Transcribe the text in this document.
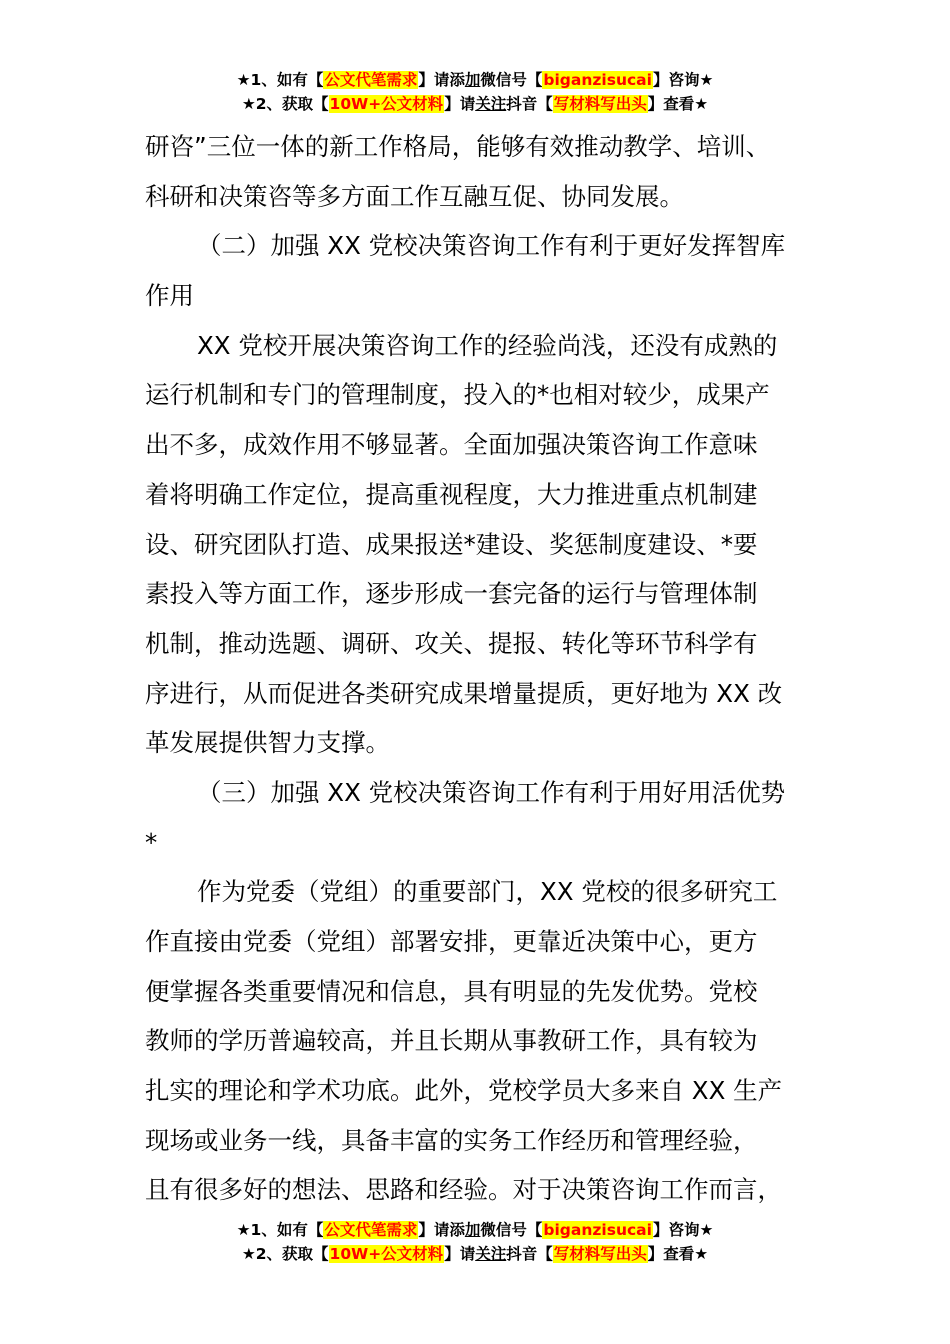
★1、如有【公文代笔需求】请添加微信号【biganzisucai】咨询★
★2、获取【10W+公文材料】请关注抖音【写材料写出头】查看★
研咨”三位一体的新工作格局，能够有效推动教学、培训、
科研和决策咨等多方面工作互融互促、协同发展。
（二）加强 XX 党校决策咨询工作有利于更好发挥智库
作用
XX 党校开展决策咨询工作的经验尚浅，还没有成熟的
运行机制和专门的管理制度，投入的*也相对较少，成果产
出不多，成效作用不够显著。全面加强决策咨询工作意味
着将明确工作定位，提高重视程度，大力推进重点机制建
设、研究团队打造、成果报送*建设、奖惩制度建设、*要
素投入等方面工作，逐步形成一套完备的运行与管理体制
机制，推动选题、调研、攻关、提报、转化等环节科学有
序进行，从而促进各类研究成果增量提质，更好地为 XX 改
革发展提供智力支撑。
（三）加强 XX 党校决策咨询工作有利于用好用活优势
*
作为党委（党组）的重要部门，XX 党校的很多研究工
作直接由党委（党组）部署安排，更靠近决策中心，更方
便掌握各类重要情况和信息，具有明显的先发优势。党校
教师的学历普遍较高，并且长期从事教研工作，具有较为
扎实的理论和学术功底。此外，党校学员大多来自 XX 生产
现场或业务一线，具备丰富的实务工作经历和管理经验，
且有很多好的想法、思路和经验。对于决策咨询工作而言，
★1、如有【公文代笔需求】请添加微信号【biganzisucai】咨询★
★2、获取【10W+公文材料】请关注抖音【写材料写出头】查看★
